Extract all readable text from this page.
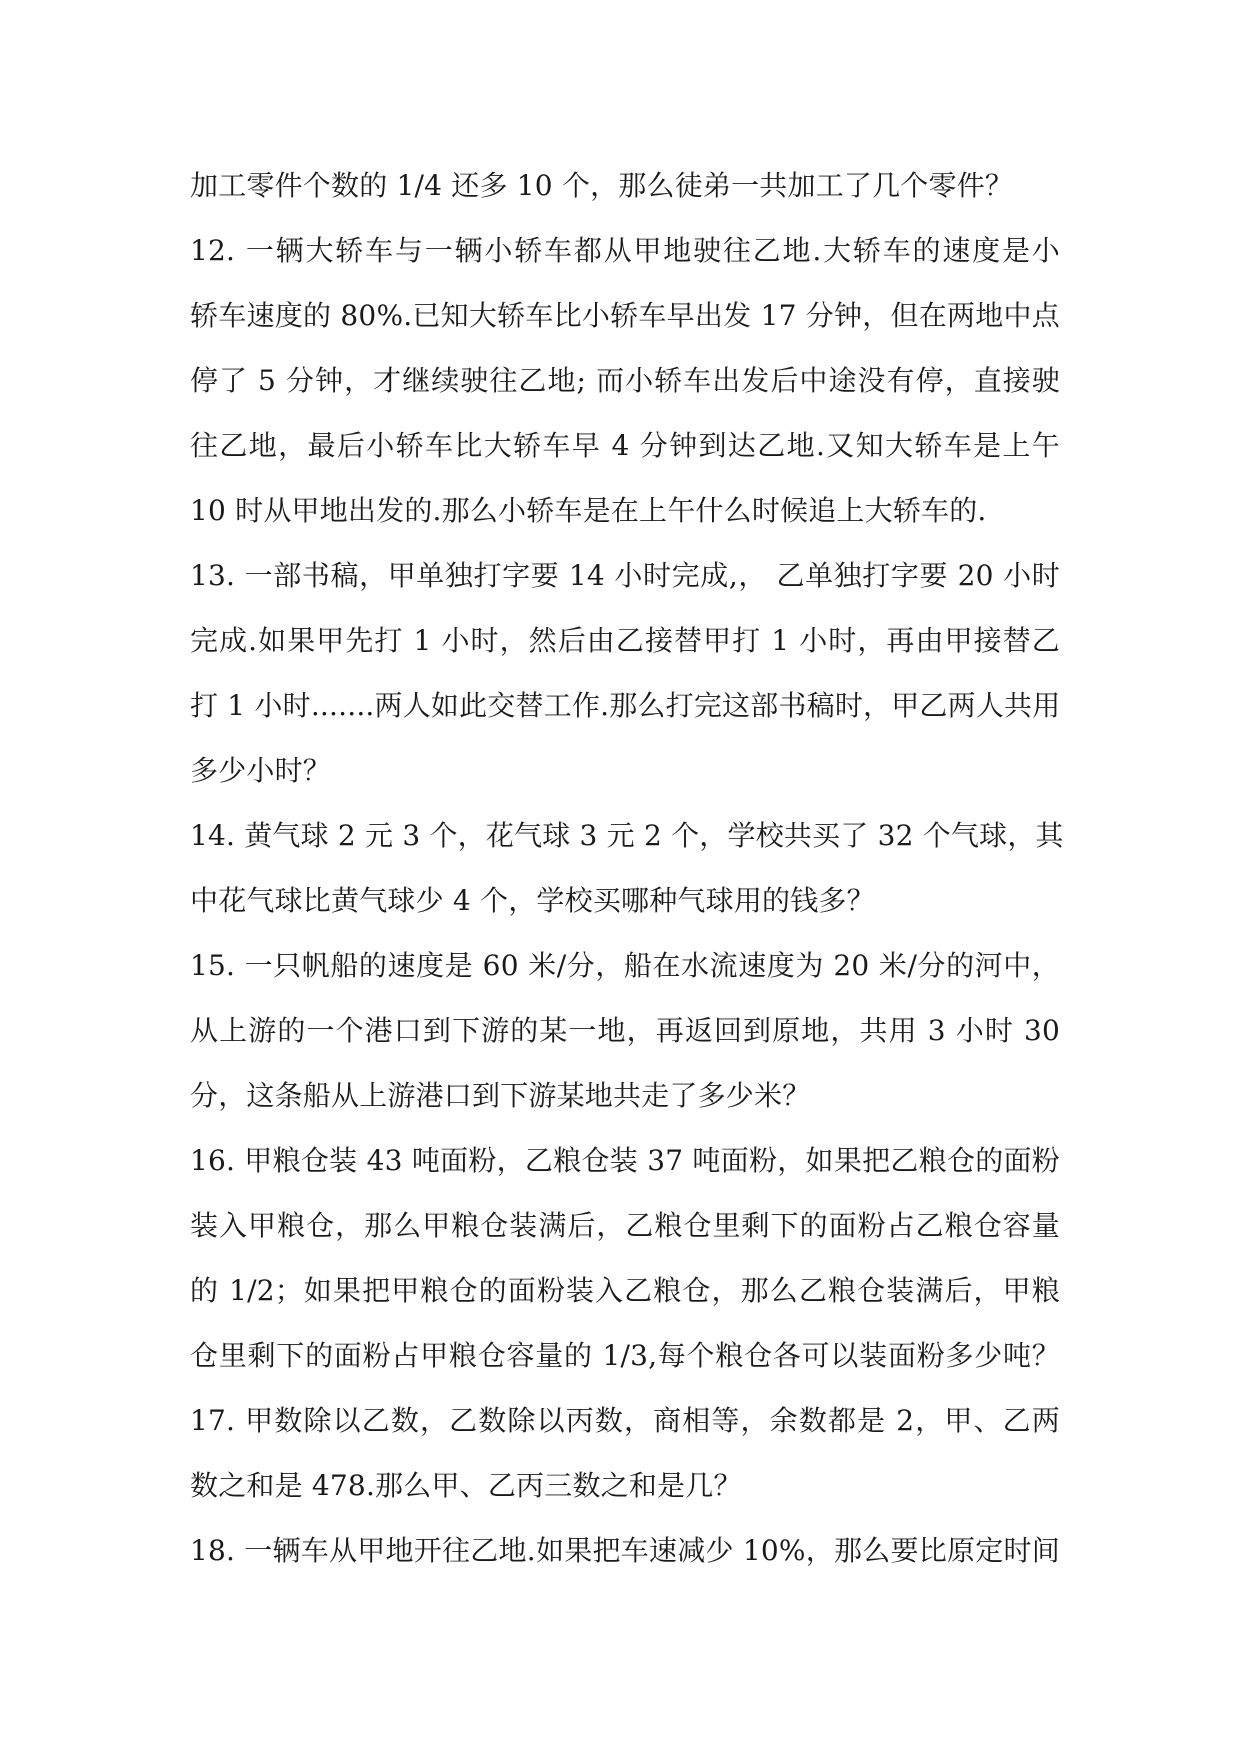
加工零件个数的 1/4 还多 10 个，那么徒弟一共加工了几个零件？
12. 一辆大轿车与一辆小轿车都从甲地驶往乙地.大轿车的速度是小
轿车速度的 80%.已知大轿车比小轿车早出发 17 分钟，但在两地中点
停了 5 分钟，才继续驶往乙地; 而小轿车出发后中途没有停，直接驶
往乙地，最后小轿车比大轿车早 4 分钟到达乙地.又知大轿车是上午
10 时从甲地出发的.那么小轿车是在上午什么时候追上大轿车的.
13. 一部书稿，甲单独打字要 14 小时完成,， 乙单独打字要 20 小时
完成.如果甲先打 1 小时，然后由乙接替甲打 1 小时，再由甲接替乙
打 1 小时.......两人如此交替工作.那么打完这部书稿时，甲乙两人共用
多少小时？
14. 黄气球 2 元 3 个，花气球 3 元 2 个，学校共买了 32 个气球，其
中花气球比黄气球少 4 个，学校买哪种气球用的钱多？
15. 一只帆船的速度是 60 米/分，船在水流速度为 20 米/分的河中，
从上游的一个港口到下游的某一地，再返回到原地，共用 3 小时 30
分，这条船从上游港口到下游某地共走了多少米？
16. 甲粮仓装 43 吨面粉，乙粮仓装 37 吨面粉，如果把乙粮仓的面粉
装入甲粮仓，那么甲粮仓装满后，乙粮仓里剩下的面粉占乙粮仓容量
的 1/2；如果把甲粮仓的面粉装入乙粮仓，那么乙粮仓装满后，甲粮
仓里剩下的面粉占甲粮仓容量的 1/3,每个粮仓各可以装面粉多少吨？
17. 甲数除以乙数，乙数除以丙数，商相等，余数都是 2，甲、乙两
数之和是 478.那么甲、乙丙三数之和是几？
18. 一辆车从甲地开往乙地.如果把车速减少 10%，那么要比原定时间
